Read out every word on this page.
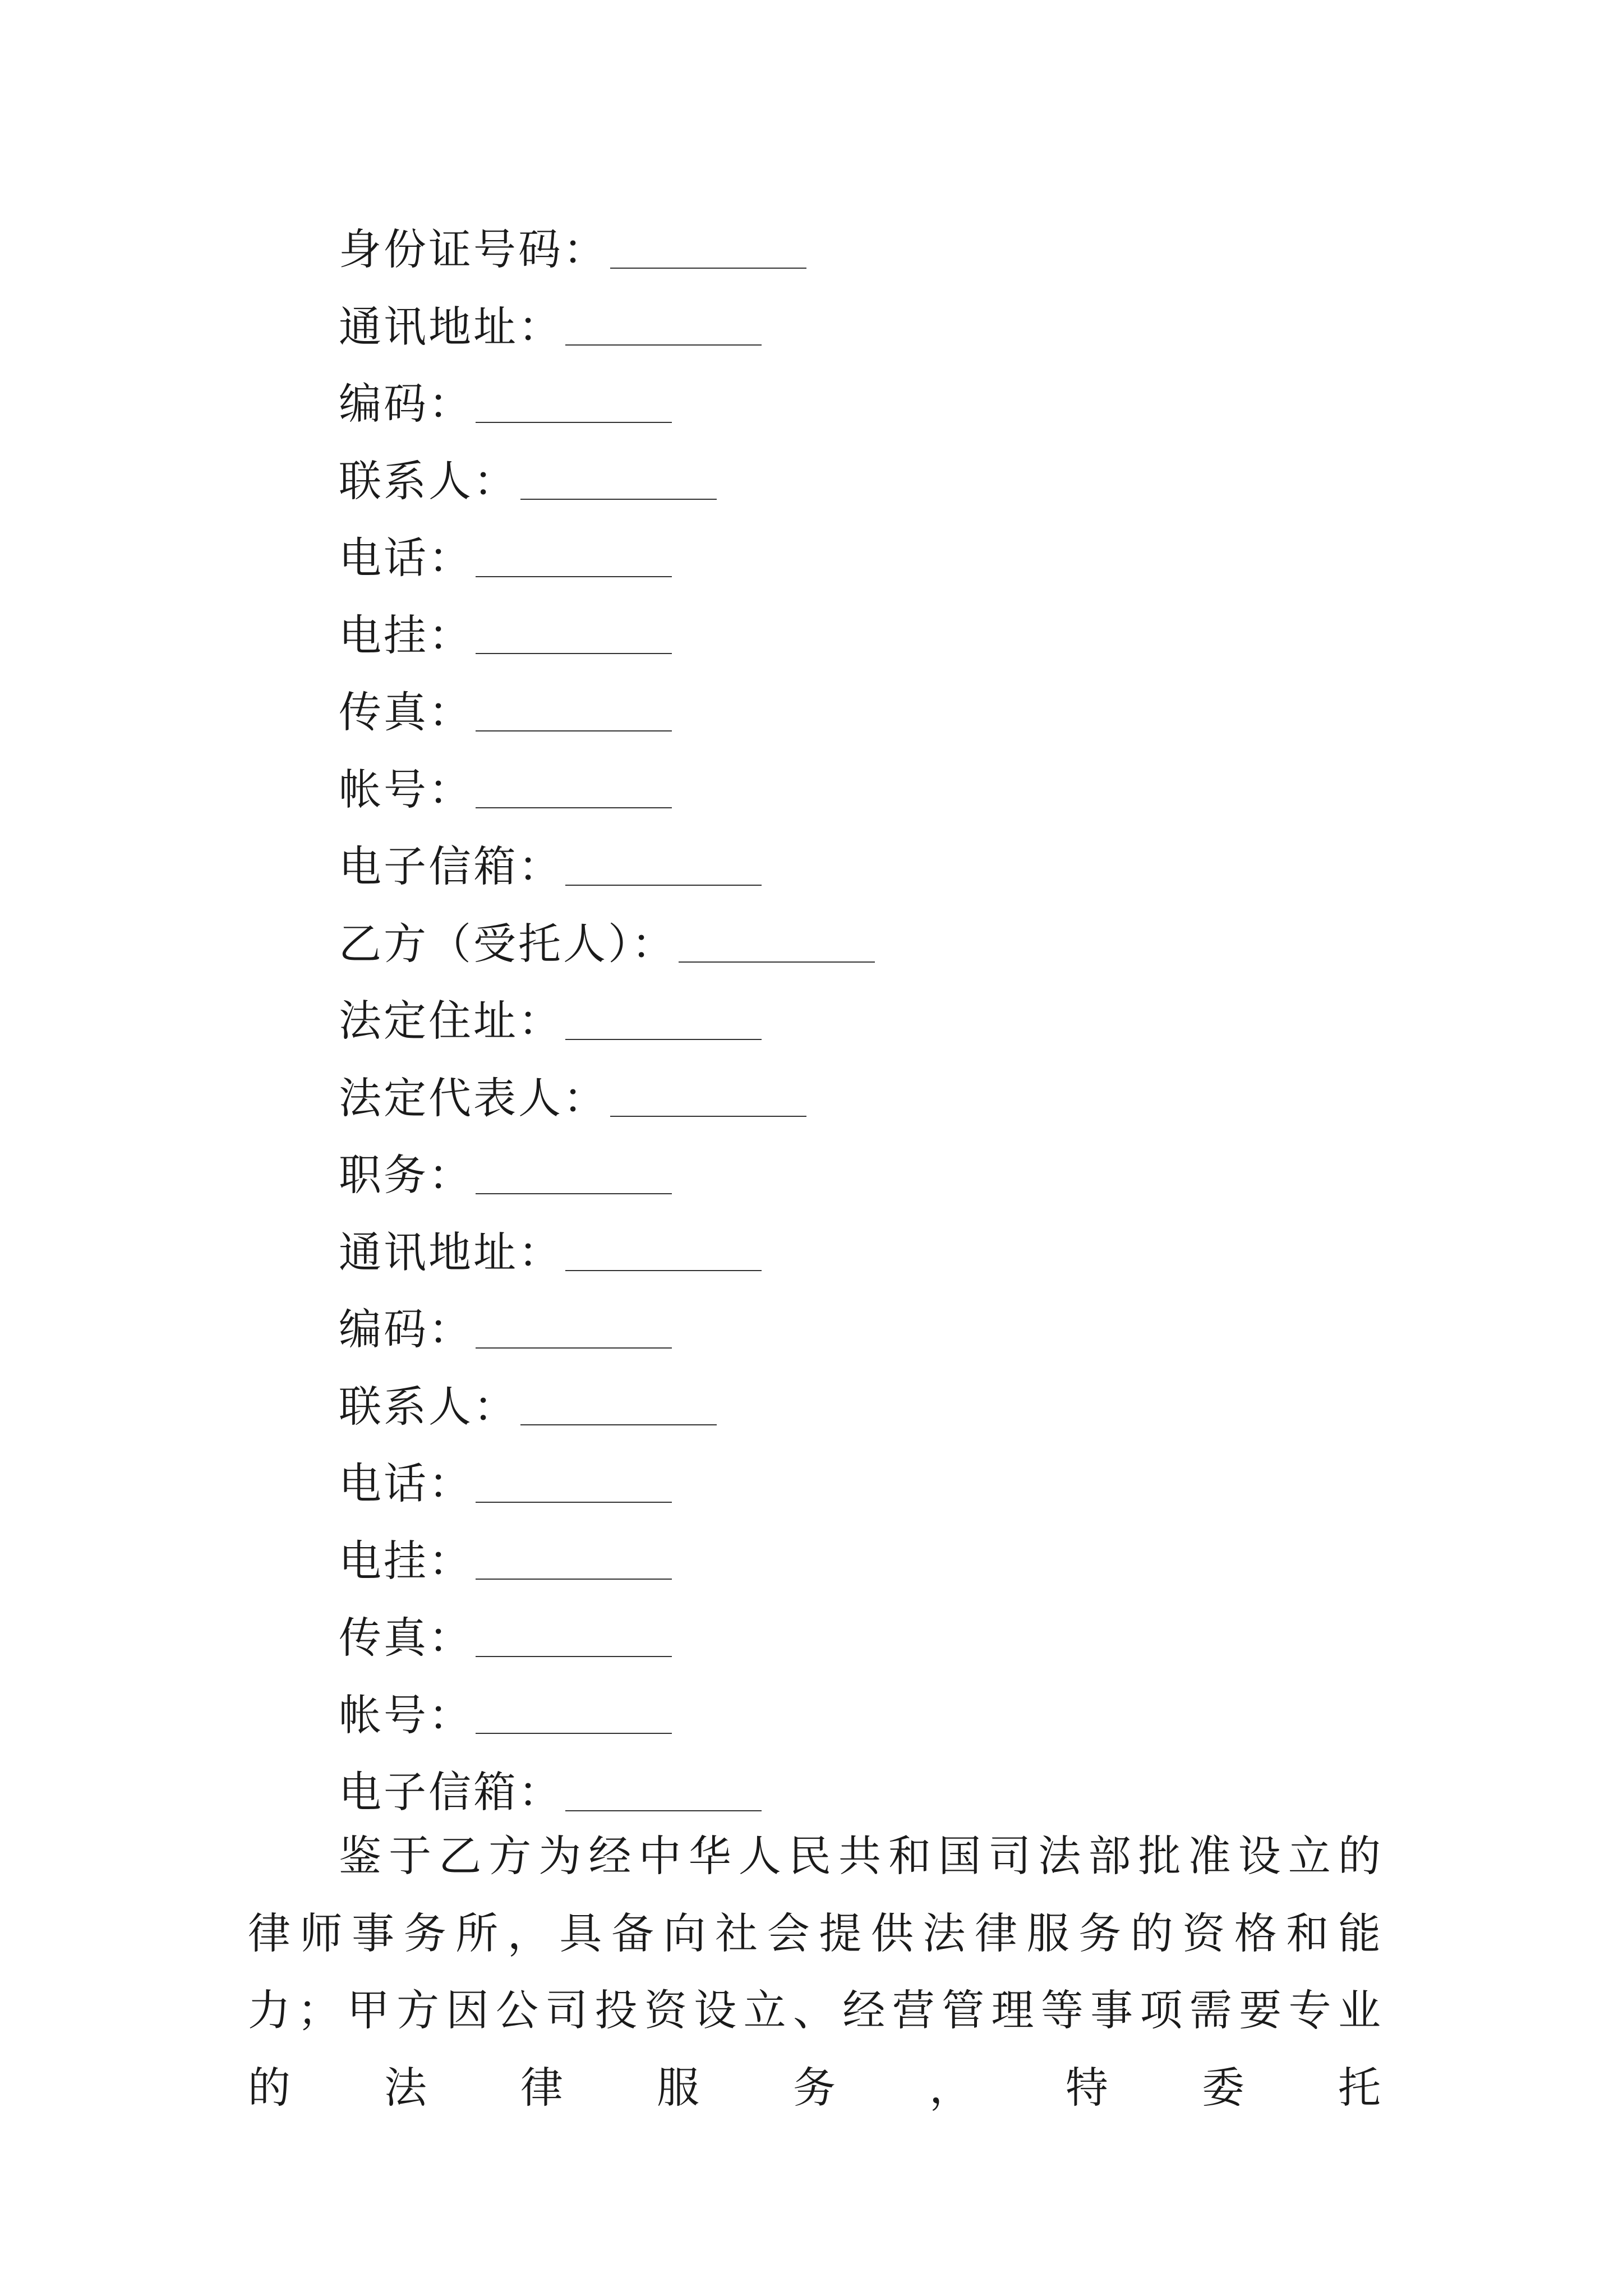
身份证号码：
通讯地址：
编码：
联系人：
电话：
电挂：
传真：
帐号：
电子信箱：
乙方（受托人）：
法定住址：
法定代表人：
职务：
通讯地址：
编码：
联系人：
电话：
电挂：
传真：
帐号：
电子信箱：

鉴于乙方为经中华人民共和国司法部批准设立的律师事务所，具备向社会提供法律服务的资格和能力；甲方因公司投资设立、经营管理等事项需要专业的法律服务，特委托
